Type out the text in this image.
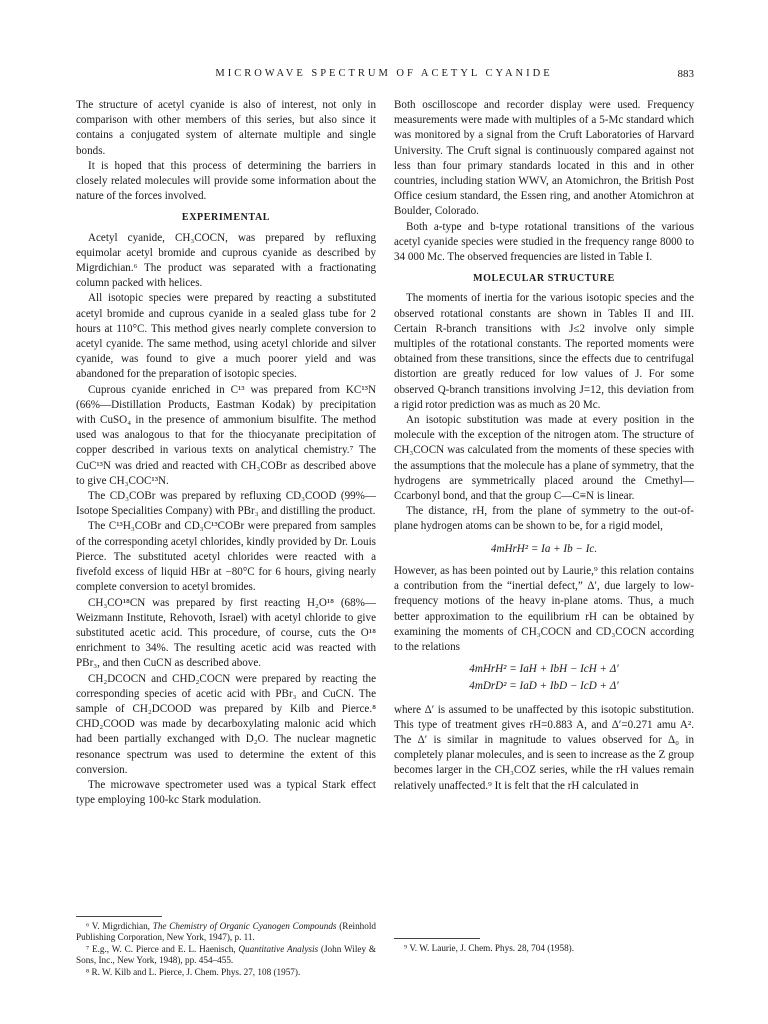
MICROWAVE SPECTRUM OF ACETYL CYANIDE	883

The structure of acetyl cyanide is also of interest, not only in comparison with other members of this series, but also since it contains a conjugated system of alternate multiple and single bonds.

It is hoped that this process of determining the barriers in closely related molecules will provide some information about the nature of the forces involved.

EXPERIMENTAL

Acetyl cyanide, CH₃COCN, was prepared by refluxing equimolar acetyl bromide and cuprous cyanide as described by Migrdichian.⁶ The product was separated with a fractionating column packed with helices.

All isotopic species were prepared by reacting a substituted acetyl bromide and cuprous cyanide in a sealed glass tube for 2 hours at 110°C. This method gives nearly complete conversion to acetyl cyanide. The same method, using acetyl chloride and silver cyanide, was found to give a much poorer yield and was abandoned for the preparation of isotopic species.

Cuprous cyanide enriched in C¹³ was prepared from KC¹³N (66%—Distillation Products, Eastman Kodak) by precipitation with CuSO₄ in the presence of ammonium bisulfite. The method used was analogous to that for the thiocyanate precipitation of copper described in various texts on analytical chemistry.⁷ The CuC¹³N was dried and reacted with CH₃COBr as described above to give CH₃COC¹³N.

The CD₃COBr was prepared by refluxing CD₃COOD (99%—Isotope Specialities Company) with PBr₃ and distilling the product.

The C¹³H₃COBr and CD₃C¹³COBr were prepared from samples of the corresponding acetyl chlorides, kindly provided by Dr. Louis Pierce. The substituted acetyl chlorides were reacted with a fivefold excess of liquid HBr at −80°C for 6 hours, giving nearly complete conversion to acetyl bromides.

CH₃CO¹⁸CN was prepared by first reacting H₂O¹⁸ (68%—Weizmann Institute, Rehovoth, Israel) with acetyl chloride to give substituted acetic acid. This procedure, of course, cuts the O¹⁸ enrichment to 34%. The resulting acetic acid was reacted with PBr₃, and then CuCN as described above.

CH₂DCOCN and CHD₂COCN were prepared by reacting the corresponding species of acetic acid with PBr₃ and CuCN. The sample of CH₂DCOOD was prepared by Kilb and Pierce.⁸ CHD₂COOD was made by decarboxylating malonic acid which had been partially exchanged with D₂O. The nuclear magnetic resonance spectrum was used to determine the extent of this conversion.

The microwave spectrometer used was a typical Stark effect type employing 100-kc Stark modulation.

⁶ V. Migrdichian, The Chemistry of Organic Cyanogen Compounds (Reinhold Publishing Corporation, New York, 1947), p. 11.

⁷ E.g., W. C. Pierce and E. L. Haenisch, Quantitative Analysis (John Wiley & Sons, Inc., New York, 1948), pp. 454–455.

⁸ R. W. Kilb and L. Pierce, J. Chem. Phys. 27, 108 (1957).

Both oscilloscope and recorder display were used. Frequency measurements were made with multiples of a 5-Mc standard which was monitored by a signal from the Cruft Laboratories of Harvard University. The Cruft signal is continuously compared against not less than four primary standards located in this and in other countries, including station WWV, an Atomichron, the British Post Office cesium standard, the Essen ring, and another Atomichron at Boulder, Colorado.

Both a-type and b-type rotational transitions of the various acetyl cyanide species were studied in the frequency range 8000 to 34 000 Mc. The observed frequencies are listed in Table I.

MOLECULAR STRUCTURE

The moments of inertia for the various isotopic species and the observed rotational constants are shown in Tables II and III. Certain R-branch transitions with J≤2 involve only simple multiples of the rotational constants. The reported moments were obtained from these transitions, since the effects due to centrifugal distortion are greatly reduced for low values of J. For some observed Q-branch transitions involving J=12, this deviation from a rigid rotor prediction was as much as 20 Mc.

An isotopic substitution was made at every position in the molecule with the exception of the nitrogen atom. The structure of CH₃COCN was calculated from the moments of these species with the assumptions that the molecule has a plane of symmetry, that the hydrogens are symmetrically placed around the Cmethyl—Ccarbonyl bond, and that the group C—C≡N is linear.

The distance, rH, from the plane of symmetry to the out-of-plane hydrogen atoms can be shown to be, for a rigid model,

4mHrH² = Ia + Ib − Ic.

However, as has been pointed out by Laurie,⁹ this relation contains a contribution from the “inertial defect,” Δ′, due largely to low-frequency motions of the heavy in-plane atoms. Thus, a much better approximation to the equilibrium rH can be obtained by examining the moments of CH₃COCN and CD₃COCN according to the relations

4mHrH² = IaH + IbH − IcH + Δ′
4mDrD² = IaD + IbD − IcD + Δ′

where Δ′ is assumed to be unaffected by this isotopic substitution. This type of treatment gives rH=0.883 A, and Δ′=0.271 amu A². The Δ′ is similar in magnitude to values observed for Δ₀ in completely planar molecules, and is seen to increase as the Z group becomes larger in the CH₃COZ series, while the rH values remain relatively unaffected.⁹ It is felt that the rH calculated in

⁹ V. W. Laurie, J. Chem. Phys. 28, 704 (1958).
